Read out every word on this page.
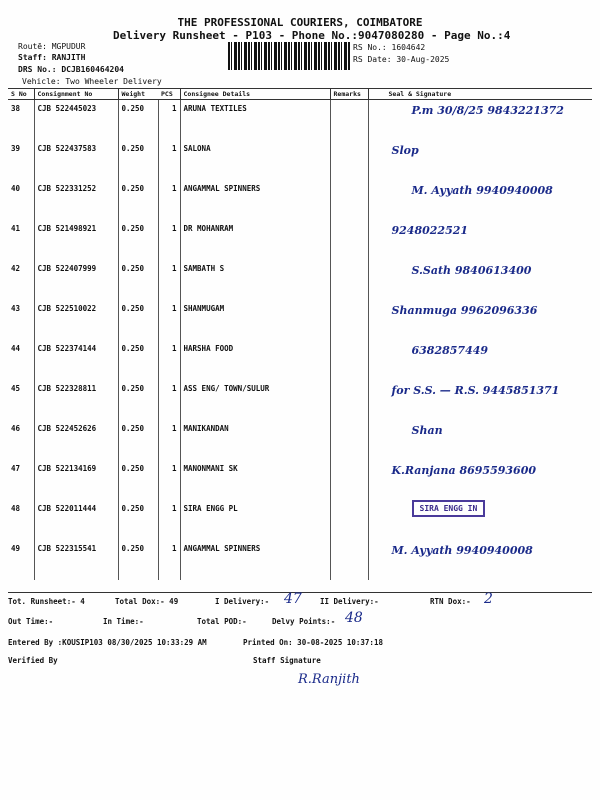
THE PROFESSIONAL COURIERS, COIMBATORE
Delivery Runsheet - P103 - Phone No.:9047080280 - Page No.:4
Routē: MGPUDUR
Staff: RANJITH
DRS No.: DCJB160464204
Vehicle: Two Wheeler Delivery
RS No.: 1604642
RS Date: 30-Aug-2025
S No	Consignment No	Weight	PCS	Consignee Details	Remarks	Seal & Signature
38	CJB 522445023	0.250	1	ARUNA TEXTILES		P.m 30/8/25 9843221372
39	CJB 522437583	0.250	1	SALONA		Slop
40	CJB 522331252	0.250	1	ANGAMMAL SPINNERS		M. Ayyath 9940940008
41	CJB 521498921	0.250	1	DR MOHANRAM		9248022521
42	CJB 522407999	0.250	1	SAMBATH S		S.Sath 9840613400
43	CJB 522510022	0.250	1	SHANMUGAM		Shanmuga 9962096336
44	CJB 522374144	0.250	1	HARSHA FOOD		6382857449
45	CJB 522328811	0.250	1	ASS ENG/ TOWN/SULUR		for S.S. — R.S. 9445851371
46	CJB 522452626	0.250	1	MANIKANDAN		Shan
47	CJB 522134169	0.250	1	MANONMANI SK		K.Ranjana 8695593600
48	CJB 522011444	0.250	1	SIRA ENGG PL		SIRA ENGG IN
49	CJB 522315541	0.250	1	ANGAMMAL SPINNERS		M. Ayyath 9940940008
Tot. Runsheet:- 4	Total Dox:- 49	I Delivery:- 47 II Delivery:-	RTN Dox:- 2
Out Time:-	In Time:-	Total POD:-	Delvy Points:- 48
Entered By :KOUSIP103 08/30/2025 10:33:29 AM	Printed On: 30-08-2025 10:37:18
Verified By	Staff Signature
R.Ranjith
